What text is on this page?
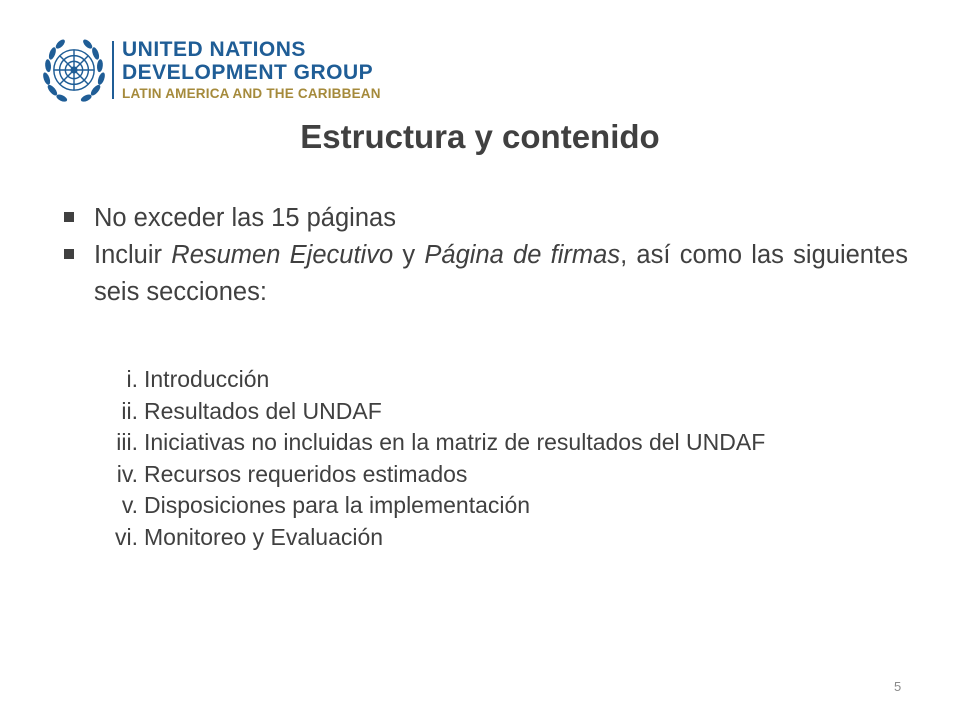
UNITED NATIONS
DEVELOPMENT GROUP
LATIN AMERICA AND THE CARIBBEAN
Estructura y contenido
No exceder las 15 páginas
Incluir Resumen Ejecutivo y Página de firmas, así como las siguientes seis secciones:
i. Introducción
ii. Resultados del UNDAF
iii. Iniciativas no incluidas en la matriz de resultados del UNDAF
iv. Recursos requeridos estimados
v. Disposiciones para la implementación
vi. Monitoreo y Evaluación
5
